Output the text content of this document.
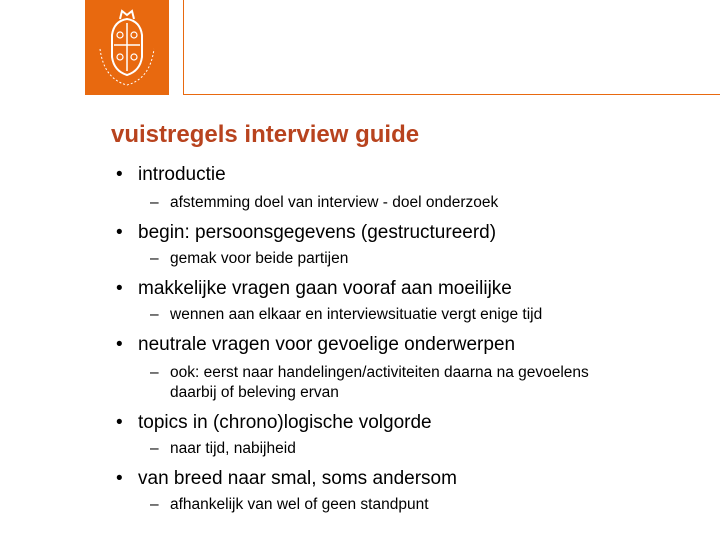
vuistregels interview guide
• introductie
– afstemming doel van interview - doel onderzoek
• begin: persoonsgegevens (gestructureerd)
– gemak voor beide partijen
• makkelijke vragen gaan vooraf aan moeilijke
– wennen aan elkaar en interviewsituatie vergt enige tijd
• neutrale vragen voor gevoelige onderwerpen
– ook: eerst naar handelingen/activiteiten daarna na gevoelens
daarbij of beleving ervan
• topics in (chrono)logische volgorde
– naar tijd, nabijheid
• van breed naar smal, soms andersom
– afhankelijk van wel of geen standpunt
